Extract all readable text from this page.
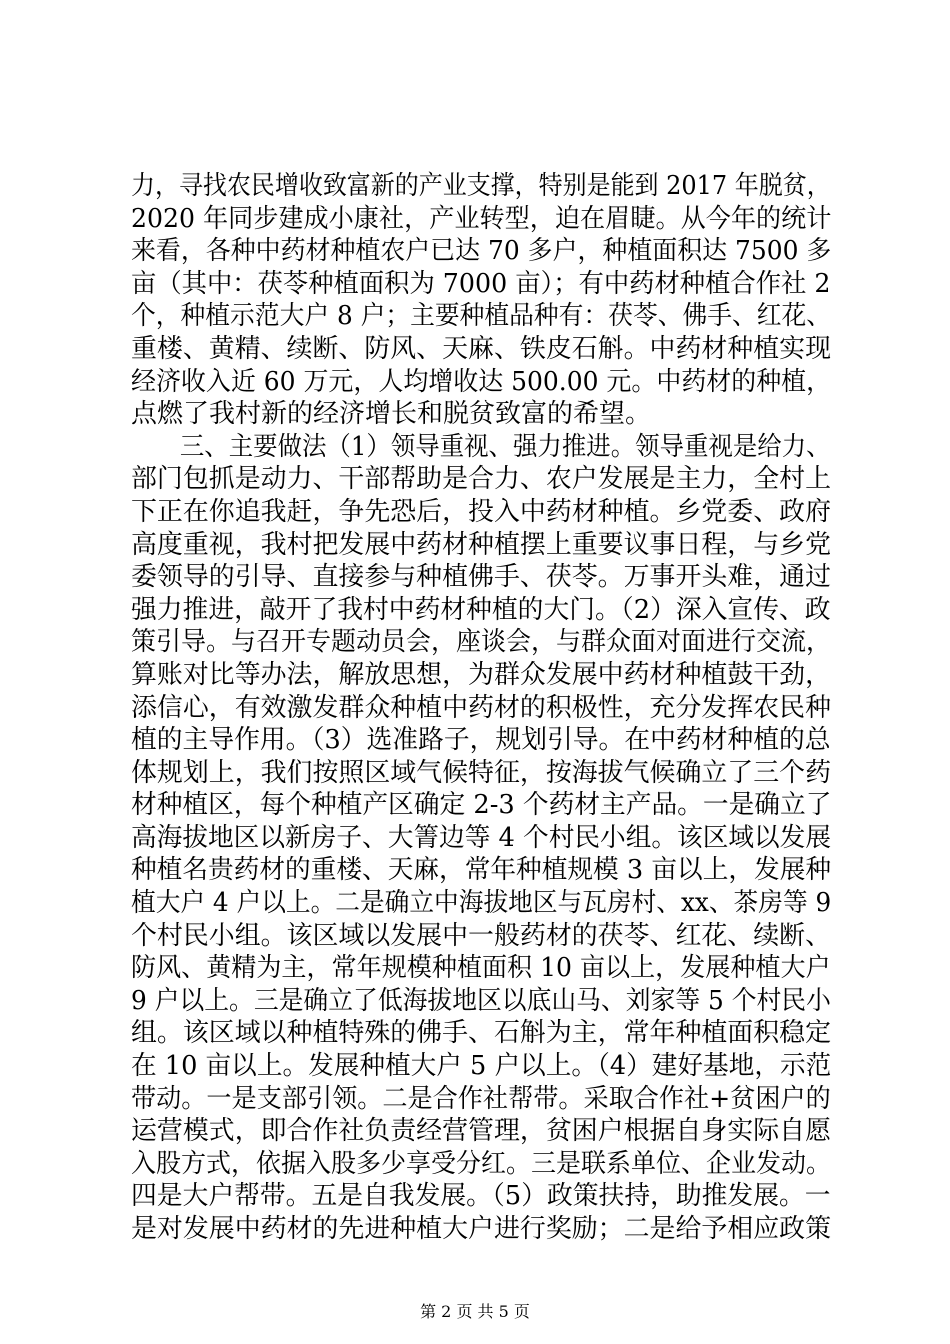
力，寻找农民增收致富新的产业支撑，特别是能到 2017 年脱贫，
2020 年同步建成小康社，产业转型，迫在眉睫。从今年的统计
来看，各种中药材种植农户已达 70 多户，种植面积达 7500 多
亩（其中：茯苓种植面积为 7000 亩）；有中药材种植合作社 2
个，种植示范大户 8 户；主要种植品种有：茯苓、佛手、红花、
重楼、黄精、续断、防风、天麻、铁皮石斛。中药材种植实现
经济收入近 60 万元，人均增收达 500.00 元。中药材的种植，
点燃了我村新的经济增长和脱贫致富的希望。
　　三、主要做法（1）领导重视、强力推进。领导重视是给力、
部门包抓是动力、干部帮助是合力、农户发展是主力，全村上
下正在你追我赶，争先恐后，投入中药材种植。乡党委、政府
高度重视，我村把发展中药材种植摆上重要议事日程，与乡党
委领导的引导、直接参与种植佛手、茯苓。万事开头难，通过
强力推进，敲开了我村中药材种植的大门。（2）深入宣传、政
策引导。与召开专题动员会，座谈会，与群众面对面进行交流，
算账对比等办法，解放思想，为群众发展中药材种植鼓干劲，
添信心，有效激发群众种植中药材的积极性，充分发挥农民种
植的主导作用。（3）选准路子，规划引导。在中药材种植的总
体规划上，我们按照区域气候特征，按海拔气候确立了三个药
材种植区，每个种植产区确定 2-3 个药材主产品。一是确立了
高海拔地区以新房子、大箐边等 4 个村民小组。该区域以发展
种植名贵药材的重楼、天麻，常年种植规模 3 亩以上，发展种
植大户 4 户以上。二是确立中海拔地区与瓦房村、xx、茶房等 9
个村民小组。该区域以发展中一般药材的茯苓、红花、续断、
防风、黄精为主，常年规模种植面积 10 亩以上，发展种植大户
9 户以上。三是确立了低海拔地区以底山马、刘家等 5 个村民小
组。该区域以种植特殊的佛手、石斛为主，常年种植面积稳定
在 10 亩以上。发展种植大户 5 户以上。（4）建好基地，示范
带动。一是支部引领。二是合作社帮带。采取合作社+贫困户的
运营模式，即合作社负责经营管理，贫困户根据自身实际自愿
入股方式，依据入股多少享受分红。三是联系单位、企业发动。
四是大户帮带。五是自我发展。（5）政策扶持，助推发展。一
是对发展中药材的先进种植大户进行奖励；二是给予相应政策
第 2 页 共 5 页
